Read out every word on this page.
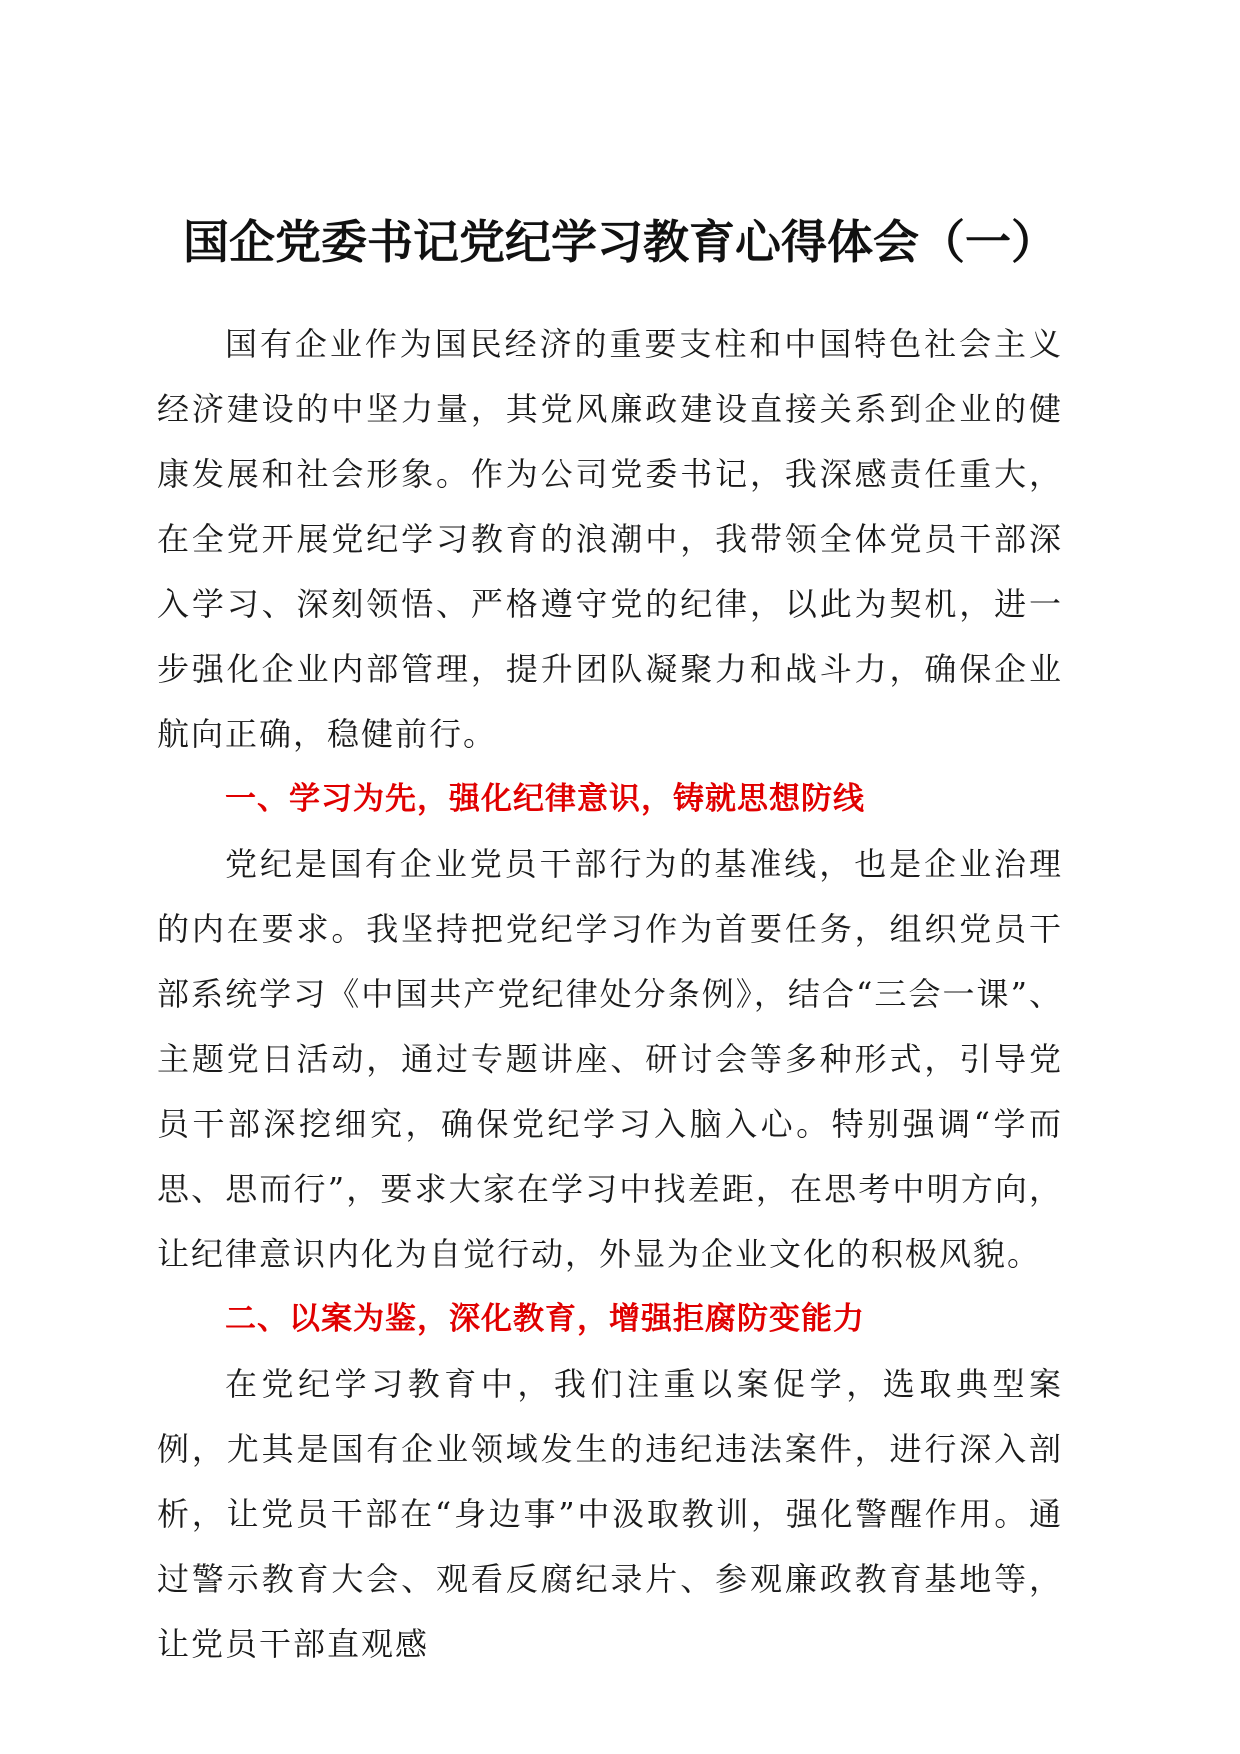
国企党委书记党纪学习教育心得体会（一）

国有企业作为国民经济的重要支柱和中国特色社会主义经济建设的中坚力量，其党风廉政建设直接关系到企业的健康发展和社会形象。作为公司党委书记，我深感责任重大，在全党开展党纪学习教育的浪潮中，我带领全体党员干部深入学习、深刻领悟、严格遵守党的纪律，以此为契机，进一步强化企业内部管理，提升团队凝聚力和战斗力，确保企业航向正确，稳健前行。

一、学习为先，强化纪律意识，铸就思想防线

党纪是国有企业党员干部行为的基准线，也是企业治理的内在要求。我坚持把党纪学习作为首要任务，组织党员干部系统学习《中国共产党纪律处分条例》，结合“三会一课”、主题党日活动，通过专题讲座、研讨会等多种形式，引导党员干部深挖细究，确保党纪学习入脑入心。特别强调“学而思、思而行”，要求大家在学习中找差距，在思考中明方向，让纪律意识内化为自觉行动，外显为企业文化的积极风貌。

二、以案为鉴，深化教育，增强拒腐防变能力

在党纪学习教育中，我们注重以案促学，选取典型案例，尤其是国有企业领域发生的违纪违法案件，进行深入剖析，让党员干部在“身边事”中汲取教训，强化警醒作用。通过警示教育大会、观看反腐纪录片、参观廉政教育基地等，让党员干部直观感
